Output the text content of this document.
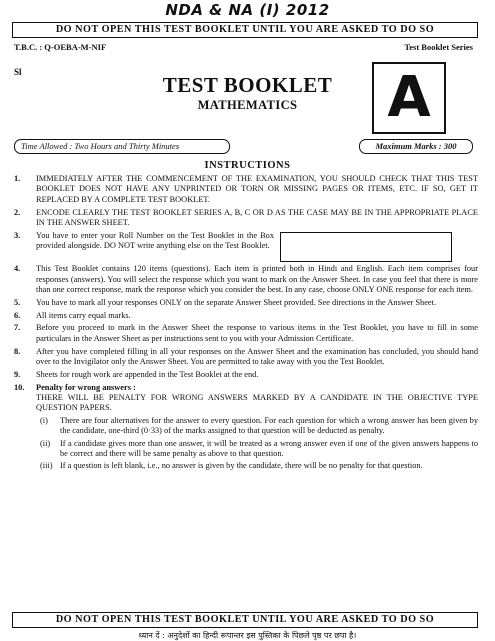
NDA & NA (I) 2012
DO NOT OPEN THIS TEST BOOKLET UNTIL YOU ARE ASKED TO DO SO
T.B.C. : Q-OEBA-M-NIF	Test Booklet Series
Sl
TEST BOOKLET
MATHEMATICS	A
Time Allowed : Two Hours and Thirty Minutes	Maximum Marks : 300
INSTRUCTIONS
1.	IMMEDIATELY AFTER THE COMMENCEMENT OF THE EXAMINATION, YOU SHOULD CHECK THAT THIS TEST BOOKLET DOES NOT HAVE ANY UNPRINTED OR TORN OR MISSING PAGES OR ITEMS, ETC. IF SO, GET IT REPLACED BY A COMPLETE TEST BOOKLET.
2.	ENCODE CLEARLY THE TEST BOOKLET SERIES A, B, C OR D AS THE CASE MAY BE IN THE APPROPRIATE PLACE IN THE ANSWER SHEET.
3.	You have to enter your Roll Number on the Test Booklet in the Box provided alongside. DO NOT write anything else on the Test Booklet.
4.	This Test Booklet contains 120 items (questions). Each item is printed both in Hindi and English. Each item comprises four responses (answers). You will select the response which you want to mark on the Answer Sheet. In case you feel that there is more than one correct response, mark the response which you consider the best. In any case, choose ONLY ONE response for each item.
5.	You have to mark all your responses ONLY on the separate Answer Sheet provided. See directions in the Answer Sheet.
6.	All items carry equal marks.
7.	Before you proceed to mark in the Answer Sheet the response to various items in the Test Booklet, you have to fill in some particulars in the Answer Sheet as per instructions sent to you with your Admission Certificate.
8.	After you have completed filling in all your responses on the Answer Sheet and the examination has concluded, you should hand over to the Invigilator only the Answer Sheet. You are permitted to take away with you the Test Booklet.
9.	Sheets for rough work are appended in the Test Booklet at the end.
10.	Penalty for wrong answers :
THERE WILL BE PENALTY FOR WRONG ANSWERS MARKED BY A CANDIDATE IN THE OBJECTIVE TYPE QUESTION PAPERS.
(i)	There are four alternatives for the answer to every question. For each question for which a wrong answer has been given by the candidate, one-third (0·33) of the marks assigned to that question will be deducted as penalty.
(ii)	If a candidate gives more than one answer, it will be treated as a wrong answer even if one of the given answers happens to be correct and there will be same penalty as above to that question.
(iii) If a question is left blank, i.e., no answer is given by the candidate, there will be no penalty for that question.
DO NOT OPEN THIS TEST BOOKLET UNTIL YOU ARE ASKED TO DO SO
ध्यान दें : अनुदेशों का हिन्दी रूपान्तर इस पुस्तिका के पिछले पृष्ठ पर छपा है।
